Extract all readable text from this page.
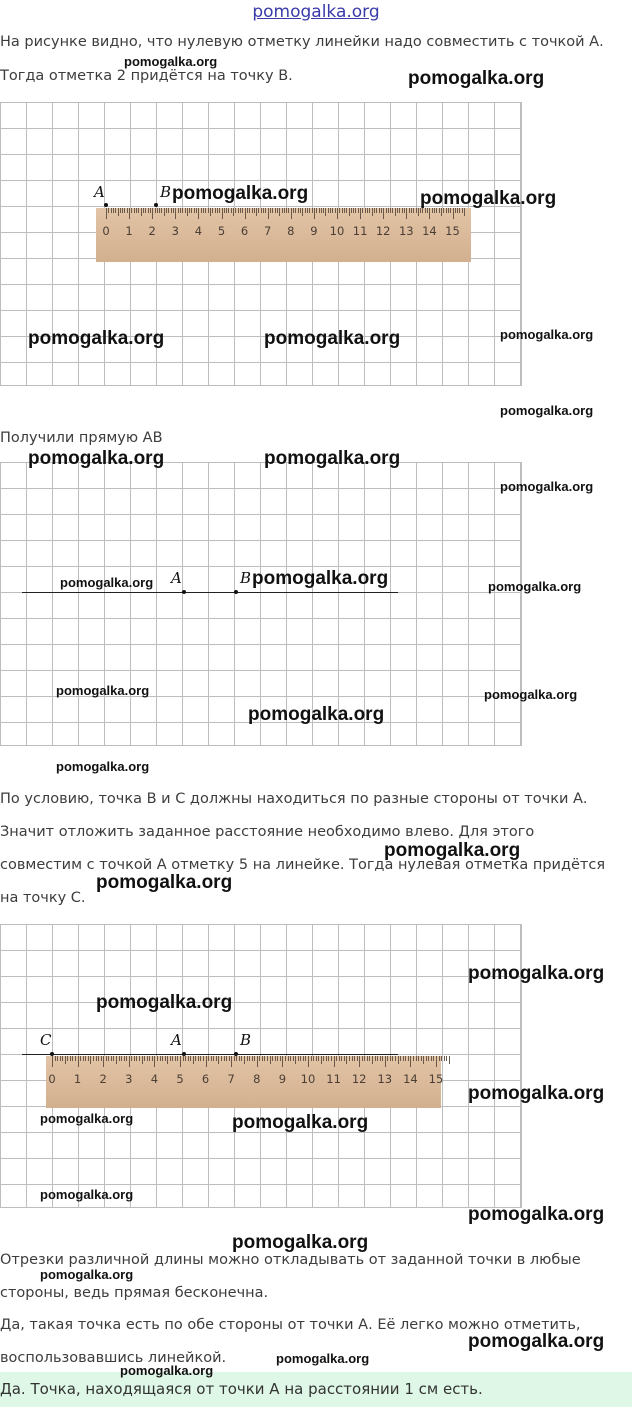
pomogalka.org
На рисунке видно, что нулевую отметку линейки надо совместить с точкой А.
Тогда отметка 2 придётся на точку В.
0 1 2 3 4 5 6 7 8 9 10 11 12 13 14 15
A	B
Получили прямую АВ
A	B
По условию, точка В и С должны находиться по разные стороны от точки А.
Значит отложить заданное расстояние необходимо влево. Для этого
совместим с точкой А отметку 5 на линейке. Тогда нулевая отметка придётся
на точку С.
0 1 2 3 4 5 6 7 8 9 10 11 12 13 14 15
C	A	B
Отрезки различной длины можно откладывать от заданной точки в любые
стороны, ведь прямая бесконечна.
Да, такая точка есть по обе стороны от точки А. Её легко можно отметить,
воспользовавшись линейкой.
Да. Точка, находящаяся от точки А на расстоянии 1 см есть.
pomogalka.org
pomogalka.org
pomogalka.org	pomogalka.org
pomogalka.org	pomogalka.org	pomogalka.org
pomogalka.org
pomogalka.org	pomogalka.org
pomogalka.org
pomogalka.org	pomogalka.org	pomogalka.org
pomogalka.org	pomogalka.org
pomogalka.org
pomogalka.org
pomogalka.org
pomogalka.org
pomogalka.org
pomogalka.org
pomogalka.org
pomogalka.org	pomogalka.org
pomogalka.org
pomogalka.org
pomogalka.org
pomogalka.org
pomogalka.org
pomogalka.org
pomogalka.org
